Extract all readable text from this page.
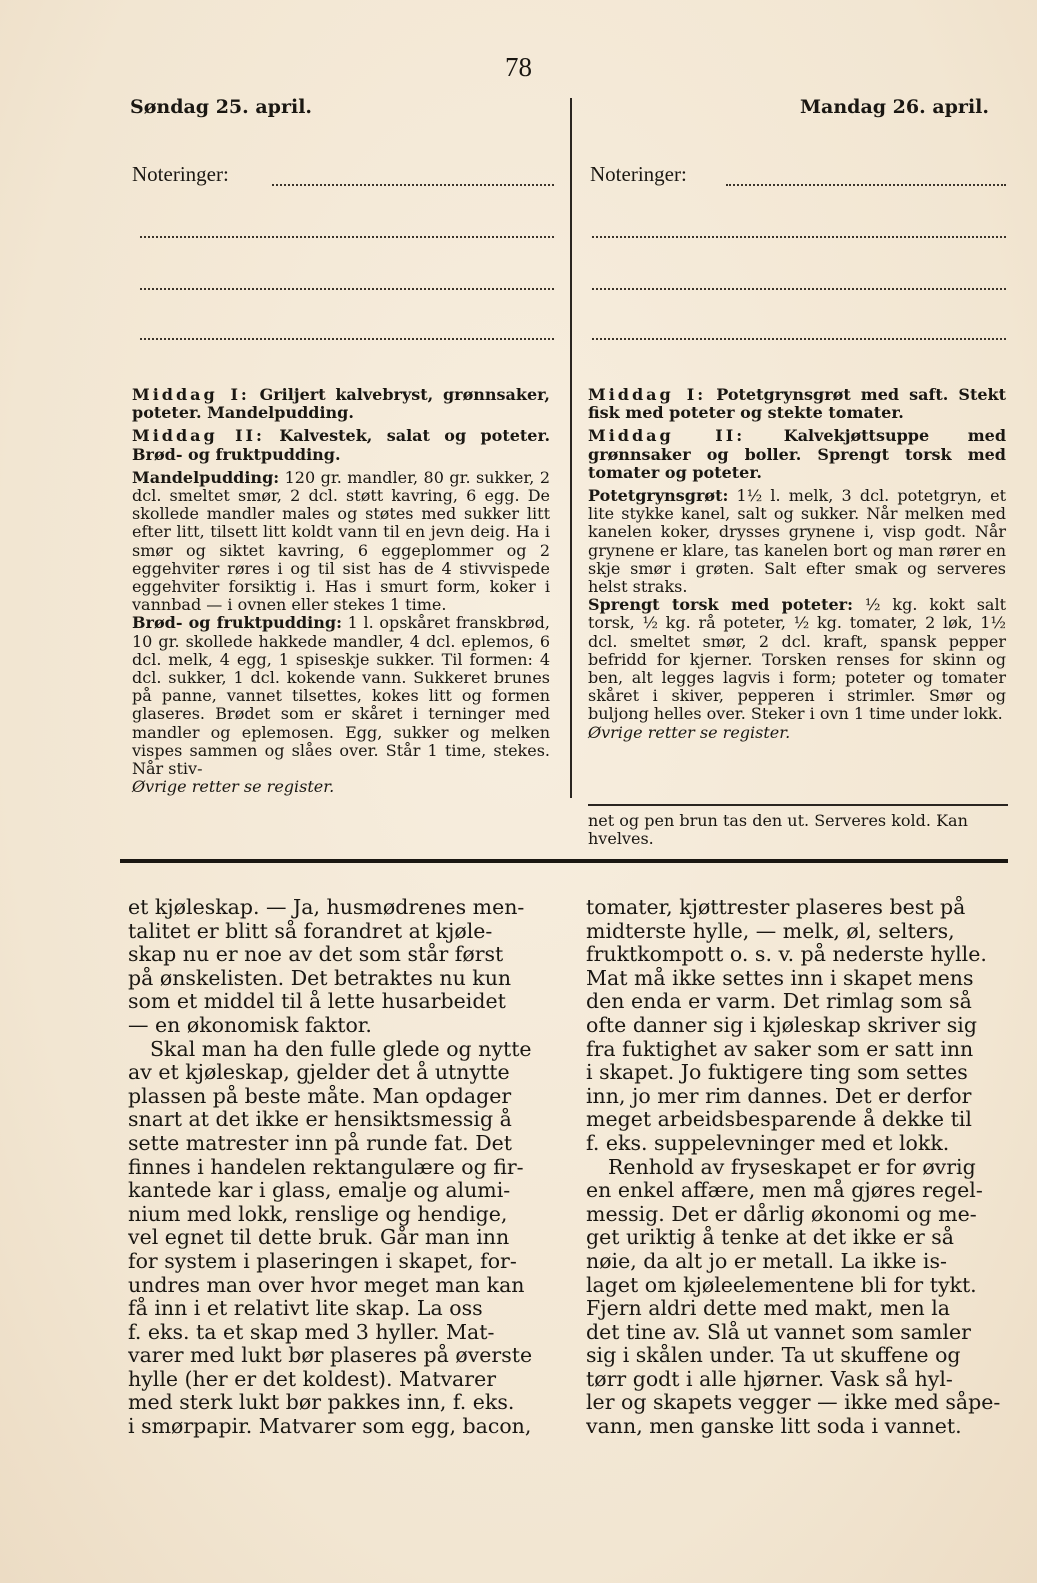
78
Søndag 25. april.	Mandag 26. april.
Noteringer:	Noteringer:

Middag I: Griljert kalvebryst, grønnsaker, poteter. Mandelpudding.

Middag II: Kalvestek, salat og poteter. Brød- og fruktpudding.

Mandelpudding: 120 gr. mandler, 80 gr. sukker, 2 dcl. smeltet smør, 2 dcl. støtt kavring, 6 egg. De skollede mandler males og støtes med sukker litt efter litt, tilsett litt koldt vann til en jevn deig. Ha i smør og siktet kavring, 6 eggeplommer og 2 eggehviter røres i og til sist has de 4 stivvispede eggehviter forsiktig i. Has i smurt form, koker i vannbad — i ovnen eller stekes 1 time.

Brød- og fruktpudding: 1 l. opskåret franskbrød, 10 gr. skollede hakkede mandler, 4 dcl. eplemos, 6 dcl. melk, 4 egg, 1 spiseskje sukker. Til formen: 4 dcl. sukker, 1 dcl. kokende vann. Sukkeret brunes på panne, vannet tilsettes, kokes litt og formen glaseres. Brødet som er skåret i terninger med mandler og eplemosen. Egg, sukker og melken vispes sammen og slåes over. Står 1 time, stekes. Når stiv-

Øvrige retter se register.

Middag I: Potetgrynsgrøt med saft. Stekt fisk med poteter og stekte tomater.

Middag II: Kalvekjøttsuppe med grønnsaker og boller. Sprengt torsk med tomater og poteter.

Potetgrynsgrøt: 1½ l. melk, 3 dcl. potetgryn, et lite stykke kanel, salt og sukker. Når melken med kanelen koker, drysses grynene i, visp godt. Når grynene er klare, tas kanelen bort og man rører en skje smør i grøten. Salt efter smak og serveres helst straks.

Sprengt torsk med poteter: ½ kg. kokt salt torsk, ½ kg. rå poteter, ½ kg. tomater, 2 løk, 1½ dcl. smeltet smør, 2 dcl. kraft, spansk pepper befridd for kjerner. Torsken renses for skinn og ben, alt legges lagvis i form; poteter og tomater skåret i skiver, pepperen i strimler. Smør og buljong helles over. Steker i ovn 1 time under lokk.

Øvrige retter se register.

net og pen brun tas den ut. Serveres kold. Kan hvelves.
et kjøleskap. — Ja, husmødrenes men-
talitet er blitt så forandret at kjøle-
skap nu er noe av det som står først
på ønskelisten. Det betraktes nu kun
som et middel til å lette husarbeidet
— en økonomisk faktor.
Skal man ha den fulle glede og nytte
av et kjøleskap, gjelder det å utnytte
plassen på beste måte. Man opdager
snart at det ikke er hensiktsmessig å
sette matrester inn på runde fat. Det
finnes i handelen rektangulære og fir-
kantede kar i glass, emalje og alumi-
nium med lokk, renslige og hendige,
vel egnet til dette bruk. Går man inn
for system i plaseringen i skapet, for-
undres man over hvor meget man kan
få inn i et relativt lite skap. La oss
f. eks. ta et skap med 3 hyller. Mat-
varer med lukt bør plaseres på øverste
hylle (her er det koldest). Matvarer
med sterk lukt bør pakkes inn, f. eks.
i smørpapir. Matvarer som egg, bacon,
tomater, kjøttrester plaseres best på
midterste hylle, — melk, øl, selters,
fruktkompott o. s. v. på nederste hylle.
Mat må ikke settes inn i skapet mens
den enda er varm. Det rimlag som så
ofte danner sig i kjøleskap skriver sig
fra fuktighet av saker som er satt inn
i skapet. Jo fuktigere ting som settes
inn, jo mer rim dannes. Det er derfor
meget arbeidsbesparende å dekke til
f. eks. suppelevninger med et lokk.
Renhold av fryseskapet er for øvrig
en enkel affære, men må gjøres regel-
messig. Det er dårlig økonomi og me-
get uriktig å tenke at det ikke er så
nøie, da alt jo er metall. La ikke is-
laget om kjøleelementene bli for tykt.
Fjern aldri dette med makt, men la
det tine av. Slå ut vannet som samler
sig i skålen under. Ta ut skuffene og
tørr godt i alle hjørner. Vask så hyl-
ler og skapets vegger — ikke med såpe-
vann, men ganske litt soda i vannet.
